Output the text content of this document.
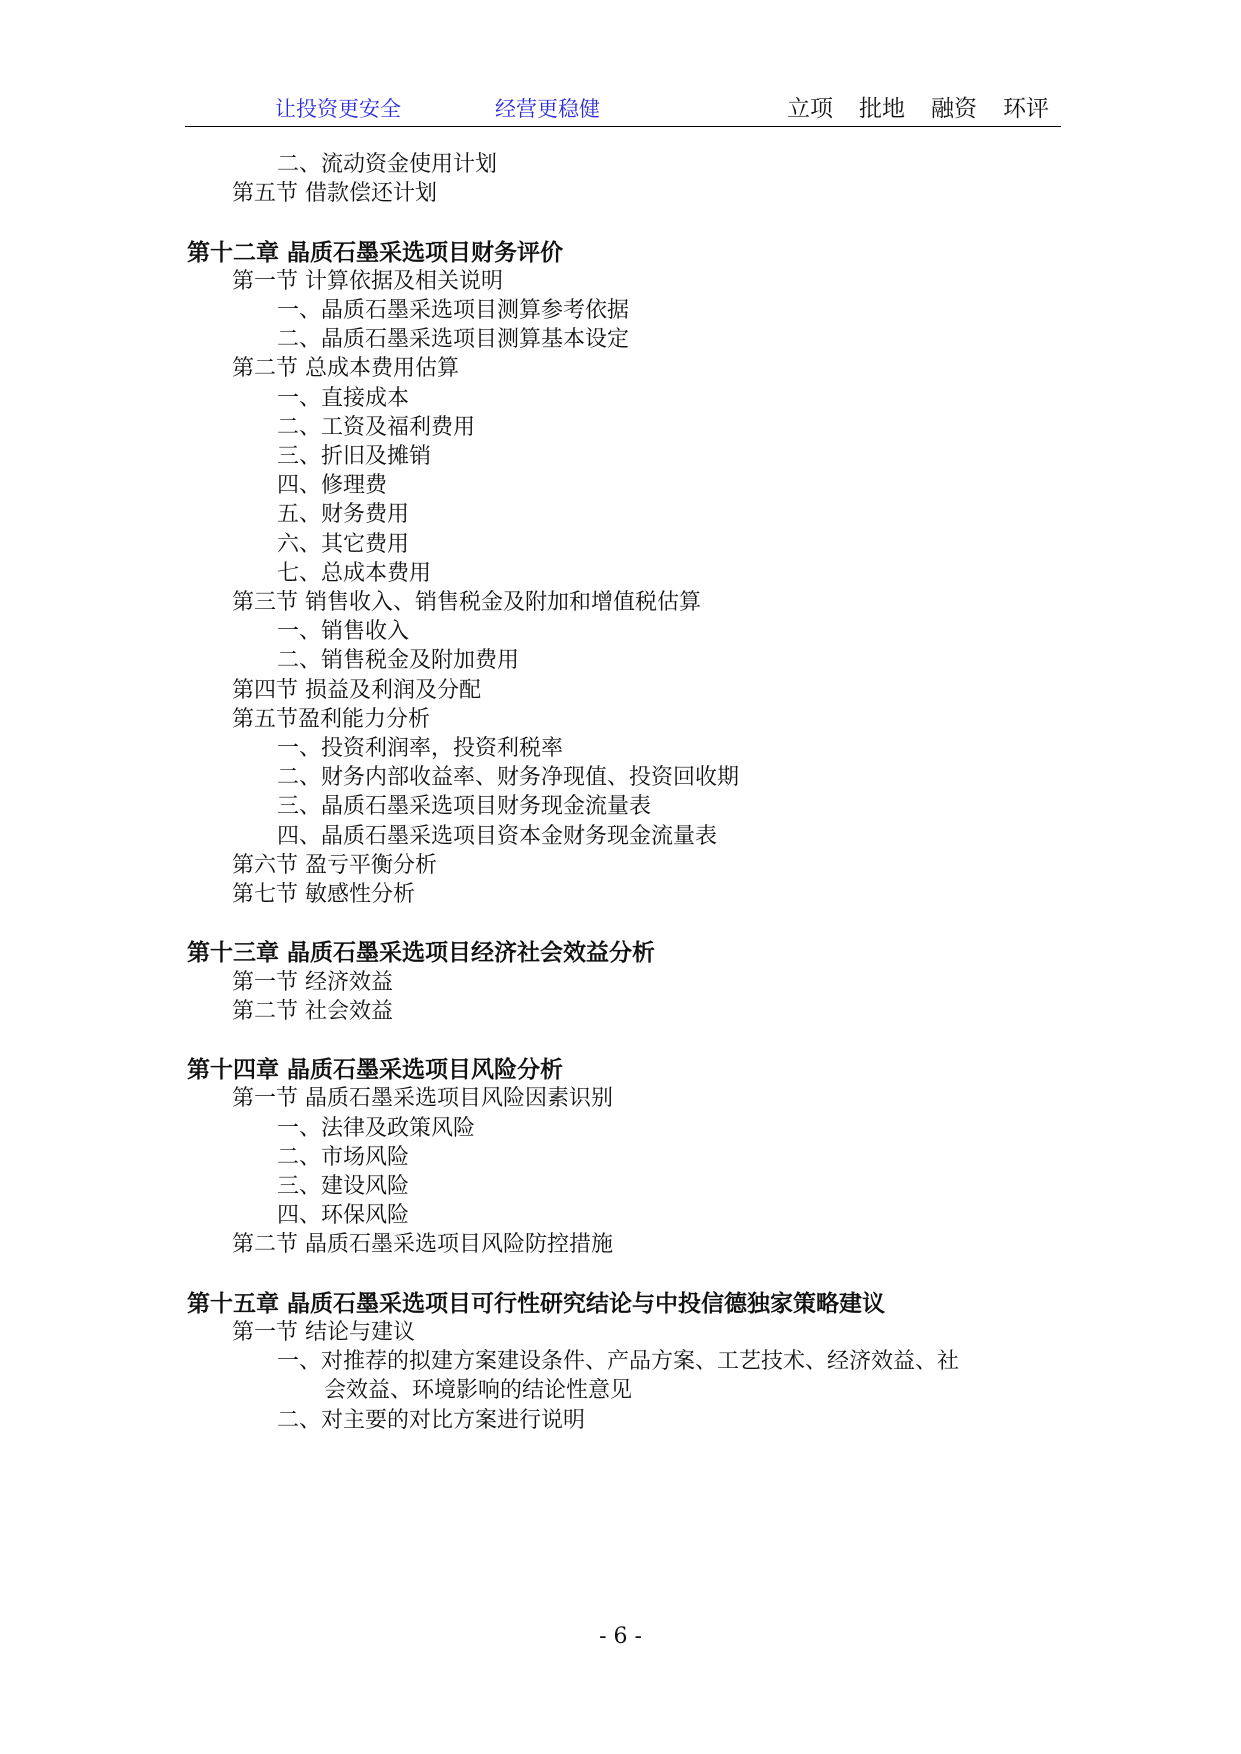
让投资更安全	经营更稳健	立项 批地 融资 环评
二、流动资金使用计划
第五节 借款偿还计划
第十二章 晶质石墨采选项目财务评价
第一节 计算依据及相关说明
一、晶质石墨采选项目测算参考依据
二、晶质石墨采选项目测算基本设定
第二节 总成本费用估算
一、直接成本
二、工资及福利费用
三、折旧及摊销
四、修理费
五、财务费用
六、其它费用
七、总成本费用
第三节 销售收入、销售税金及附加和增值税估算
一、销售收入
二、销售税金及附加费用
第四节 损益及利润及分配
第五节盈利能力分析
一、投资利润率，投资利税率
二、财务内部收益率、财务净现值、投资回收期
三、晶质石墨采选项目财务现金流量表
四、晶质石墨采选项目资本金财务现金流量表
第六节 盈亏平衡分析
第七节 敏感性分析
第十三章 晶质石墨采选项目经济社会效益分析
第一节 经济效益
第二节 社会效益
第十四章 晶质石墨采选项目风险分析
第一节 晶质石墨采选项目风险因素识别
一、法律及政策风险
二、市场风险
三、建设风险
四、环保风险
第二节 晶质石墨采选项目风险防控措施
第十五章 晶质石墨采选项目可行性研究结论与中投信德独家策略建议
第一节 结论与建议
一、对推荐的拟建方案建设条件、产品方案、工艺技术、经济效益、社
会效益、环境影响的结论性意见
二、对主要的对比方案进行说明
- 6 -
